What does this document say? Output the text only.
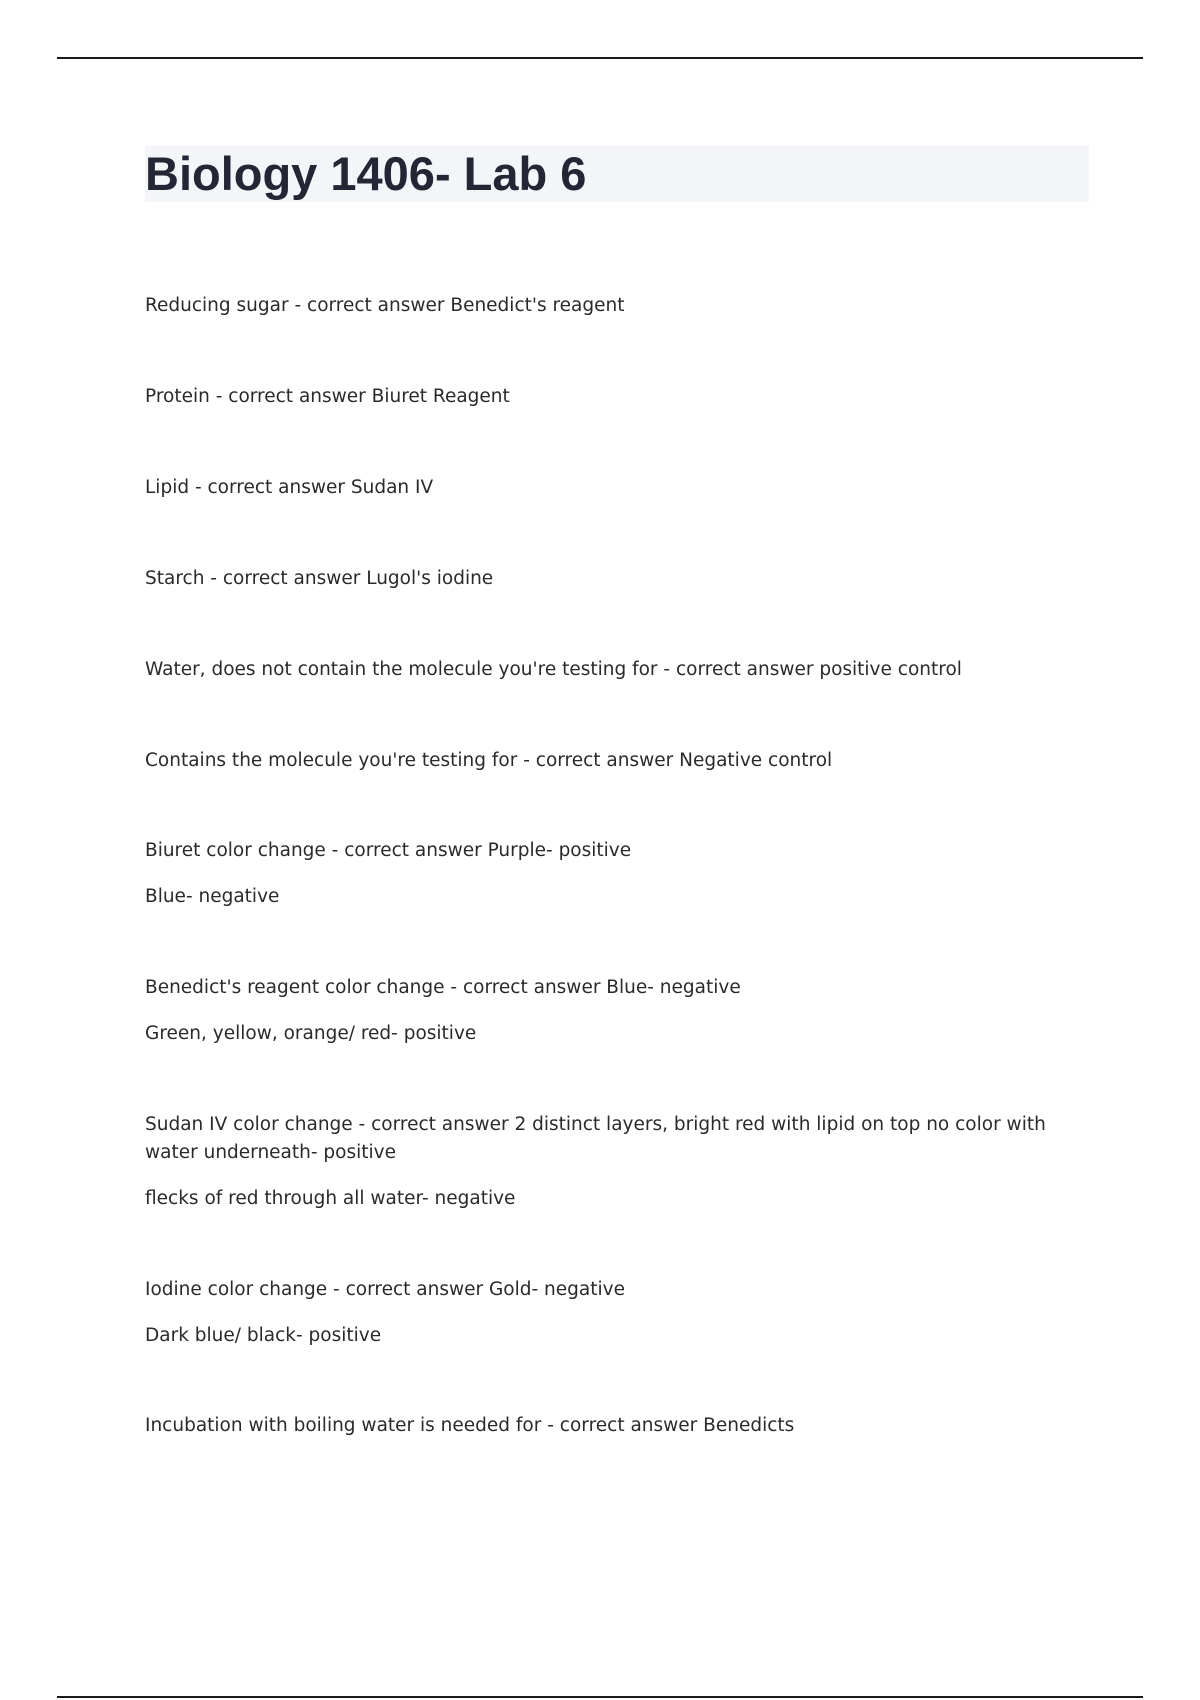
Biology 1406- Lab 6
Reducing sugar - correct answer Benedict's reagent
Protein - correct answer Biuret Reagent
Lipid - correct answer Sudan IV
Starch - correct answer Lugol's iodine
Water, does not contain the molecule you're testing for - correct answer positive control
Contains the molecule you're testing for - correct answer Negative control
Biuret color change - correct answer Purple- positive
Blue- negative
Benedict's reagent color change - correct answer Blue- negative
Green, yellow, orange/ red- positive
Sudan IV color change - correct answer 2 distinct layers, bright red with lipid on top no color with water underneath- positive
flecks of red through all water- negative
Iodine color change - correct answer Gold- negative
Dark blue/ black- positive
Incubation with boiling water is needed for - correct answer Benedicts
